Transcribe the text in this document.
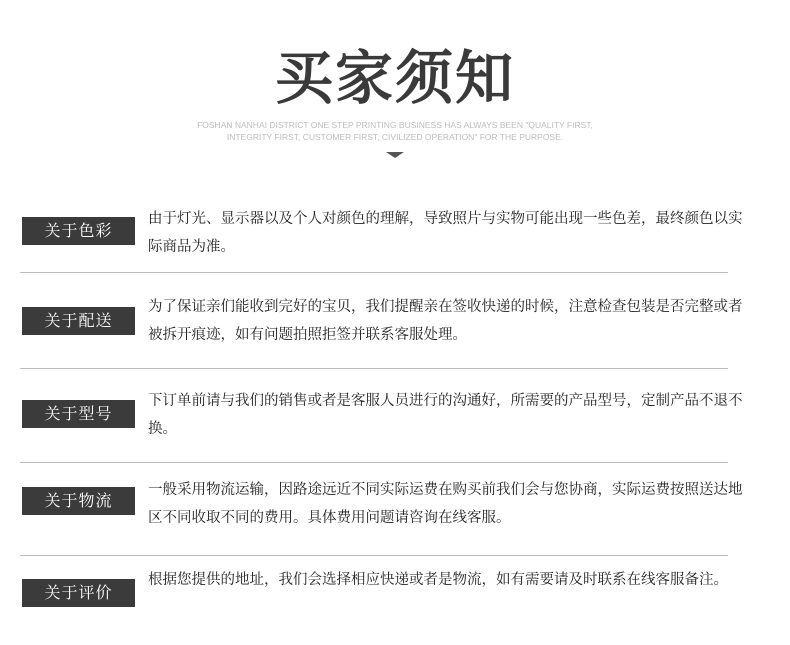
买家须知
FOSHAN NANHAI DISTRICT ONE STEP PRINTING BUSINESS HAS ALWAYS BEEN "QUALITY FIRST,
INTEGRITY FIRST, CUSTOMER FIRST, CIVILIZED OPERATION" FOR THE PURPOSE.
关于色彩
由于灯光、显示器以及个人对颜色的理解，导致照片与实物可能出现一些色差，最终颜色以实际商品为准。
关于配送
为了保证亲们能收到完好的宝贝，我们提醒亲在签收快递的时候，注意检查包装是否完整或者被拆开痕迹，如有问题拍照拒签并联系客服处理。
关于型号
下订单前请与我们的销售或者是客服人员进行的沟通好，所需要的产品型号，定制产品不退不换。
关于物流
一般采用物流运输，因路途远近不同实际运费在购买前我们会与您协商，实际运费按照送达地区不同收取不同的费用。具体费用问题请咨询在线客服。
关于评价
根据您提供的地址，我们会选择相应快递或者是物流，如有需要请及时联系在线客服备注。
